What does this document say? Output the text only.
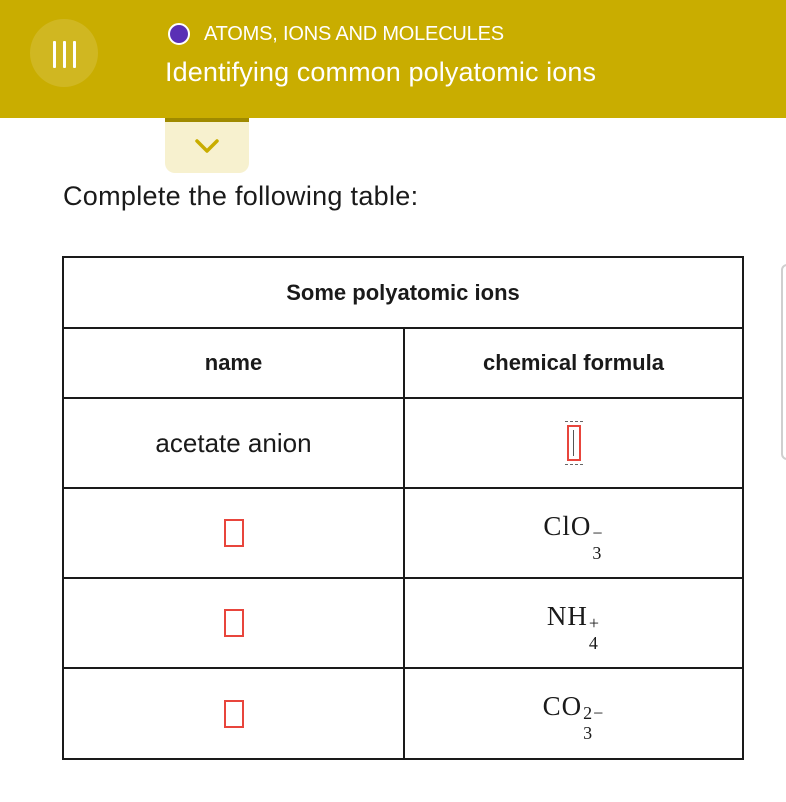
ATOMS, IONS AND MOLECULES
Identifying common polyatomic ions
Complete the following table:
Some polyatomic ions
name	chemical formula
acetate anion
ClO −
3
NH +
4
CO 2−
3
